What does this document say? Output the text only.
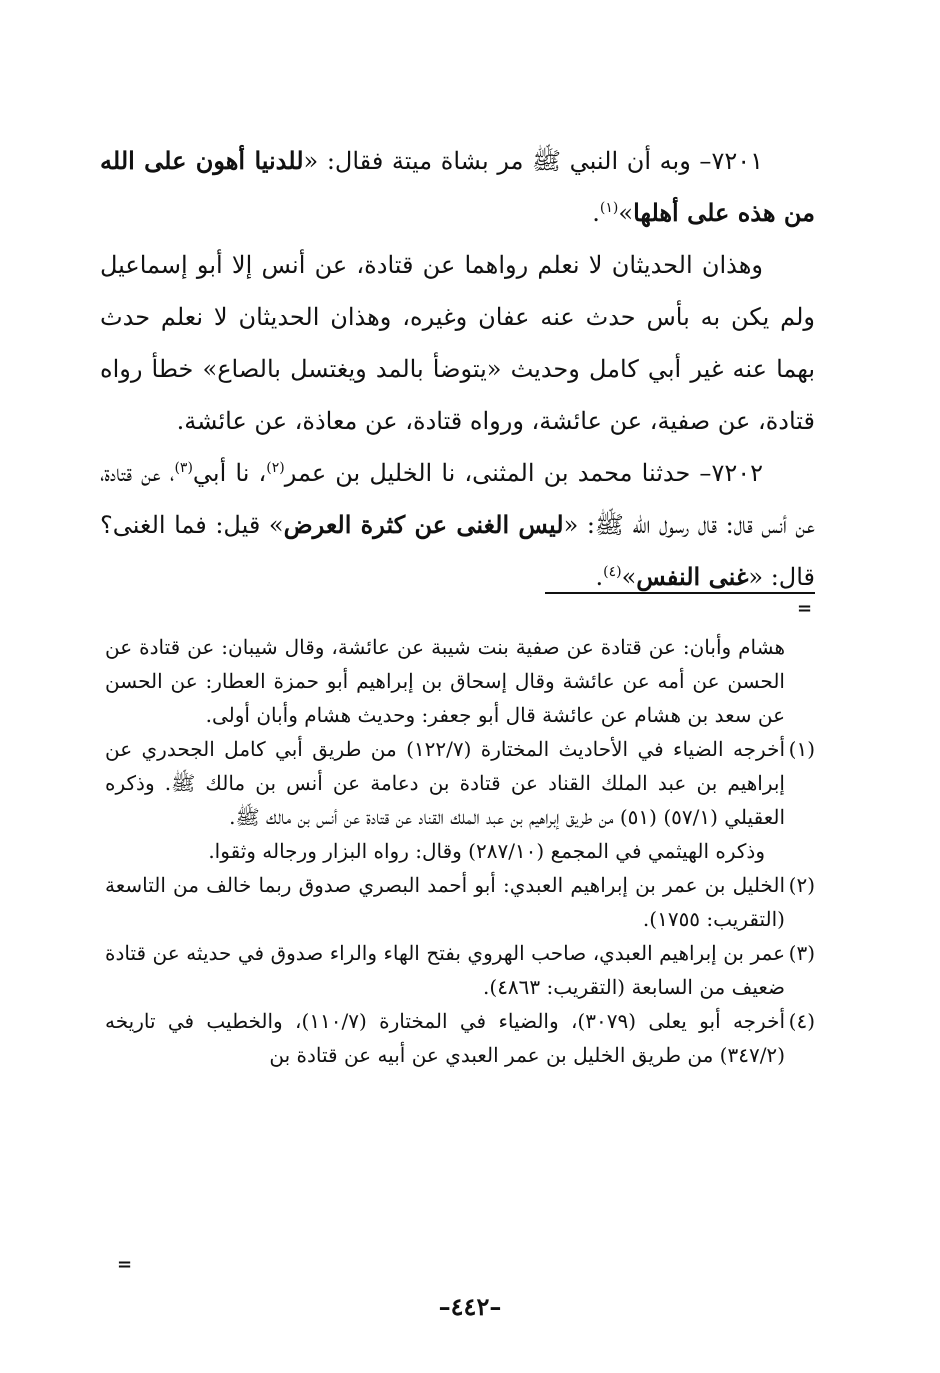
٧٢٠١– وبه أن النبي ﷺ مر بشاة ميتة فقال: «للدنيا أهون على الله من هذه على أهلها»$^{(١)}$.

وهذان الحديثان لا نعلم رواهما عن قتادة، عن أنس إلا أبو إسماعيل ولم يكن به بأس حدث عنه عفان وغيره، وهذان الحديثان لا نعلم حدث بهما عنه غير أبي كامل وحديث «يتوضأ بالمد ويغتسل بالصاع» خطأ رواه قتادة، عن صفية، عن عائشة، ورواه قتادة، عن معاذة، عن عائشة.

٧٢٠٢– حدثنا محمد بن المثنى، نا الخليل بن عمر$^{(٢)}$، نا أبي$^{(٣)}$، عن قتادة، عن أنس قال: قال رسول الله ﷺ: «ليس الغنى عن كثرة العرض» قيل: فما الغنى؟ قال: «غنى النفس»$^{(٤)}$.

=

هشام وأبان: عن قتادة عن صفية بنت شيبة عن عائشة، وقال شيبان: عن قتادة عن الحسن عن أمه عن عائشة وقال إسحاق بن إبراهيم أبو حمزة العطار: عن الحسن عن سعد بن هشام عن عائشة قال أبو جعفر: وحديث هشام وأبان أولى.

(١)
أخرجه الضياء في الأحاديث المختارة (١٢٢/٧) من طريق أبي كامل الجحدري عن إبراهيم بن عبد الملك القناد عن قتادة بن دعامة عن أنس بن مالك ﷺ. وذكره العقيلي (٥٧/١) (٥١) من طريق إبراهيم بن عبد الملك القناد عن قتادة عن أنس بن مالك ﷺ.

وذكره الهيثمي في المجمع (٢٨٧/١٠) وقال: رواه البزار ورجاله وثقوا.

(٢)
الخليل بن عمر بن إبراهيم العبدي: أبو أحمد البصري صدوق ربما خالف من التاسعة (التقريب: ١٧٥٥).

(٣)
عمر بن إبراهيم العبدي، صاحب الهروي بفتح الهاء والراء صدوق في حديثه عن قتادة ضعيف من السابعة (التقريب: ٤٨٦٣).

(٤)
أخرجه أبو يعلى (٣٠٧٩)، والضياء في المختارة (١١٠/٧)، والخطيب في تاريخه (٣٤٧/٢) من طريق الخليل بن عمر العبدي عن أبيه عن قتادة بن

=
–٤٤٢–
